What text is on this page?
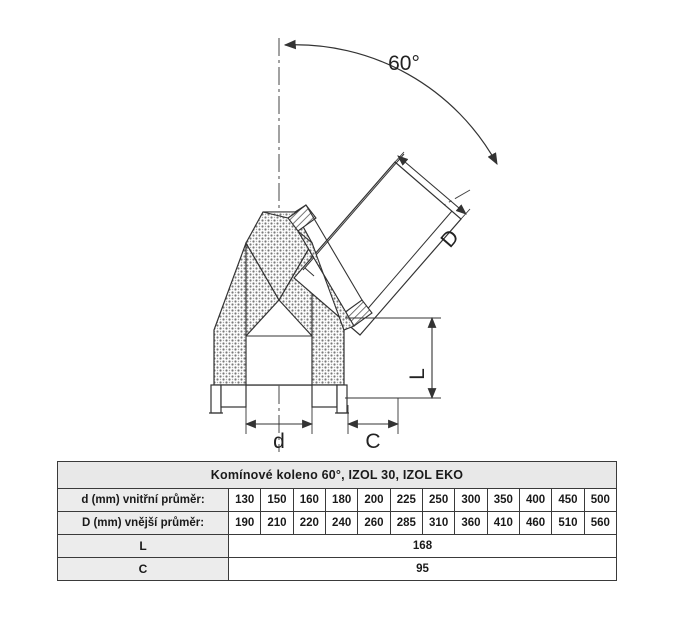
60°
D
L
d	C
Komínové koleno 60°, IZOL 30, IZOL EKO												
d (mm) vnitřní průměr:	130	150	160	180	200	225	250	300	350	400	450	500
D (mm) vnější průměr:	190	210	220	240	260	285	310	360	410	460	510	560
L	168											
C	95											
